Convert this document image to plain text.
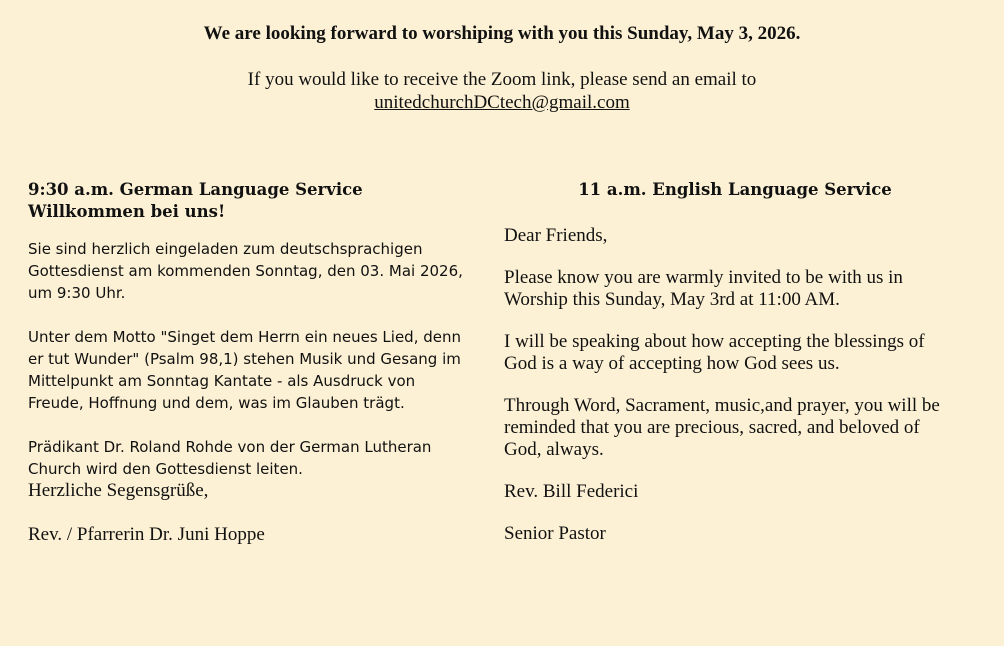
We are looking forward to worshiping with you this Sunday, May 3, 2026.

If you would like to receive the Zoom link, please send an email to

unitedchurchDCtech@gmail.com

9:30 a.m. German Language Service

Willkommen bei uns!

Sie sind herzlich eingeladen zum deutschsprachigen

Gottesdienst am kommenden Sonntag, den 03. Mai 2026,

um 9:30 Uhr.

Unter dem Motto "Singet dem Herrn ein neues Lied, denn

er tut Wunder" (Psalm 98,1) stehen Musik und Gesang im

Mittelpunkt am Sonntag Kantate - als Ausdruck von

Freude, Hoffnung und dem, was im Glauben trägt.

Prädikant Dr. Roland Rohde von der German Lutheran

Church wird den Gottesdienst leiten.

Herzliche Segensgrüße,

Rev. / Pfarrerin Dr. Juni Hoppe

11 a.m. English Language Service

Dear Friends,

Please know you are warmly invited to be with us in

Worship this Sunday, May 3rd at 11:00 AM.

I will be speaking about how accepting the blessings of

God is a way of accepting how God sees us.

Through Word, Sacrament, music,and prayer, you will be

reminded that you are precious, sacred, and beloved of

God, always.

Rev. Bill Federici

Senior Pastor
